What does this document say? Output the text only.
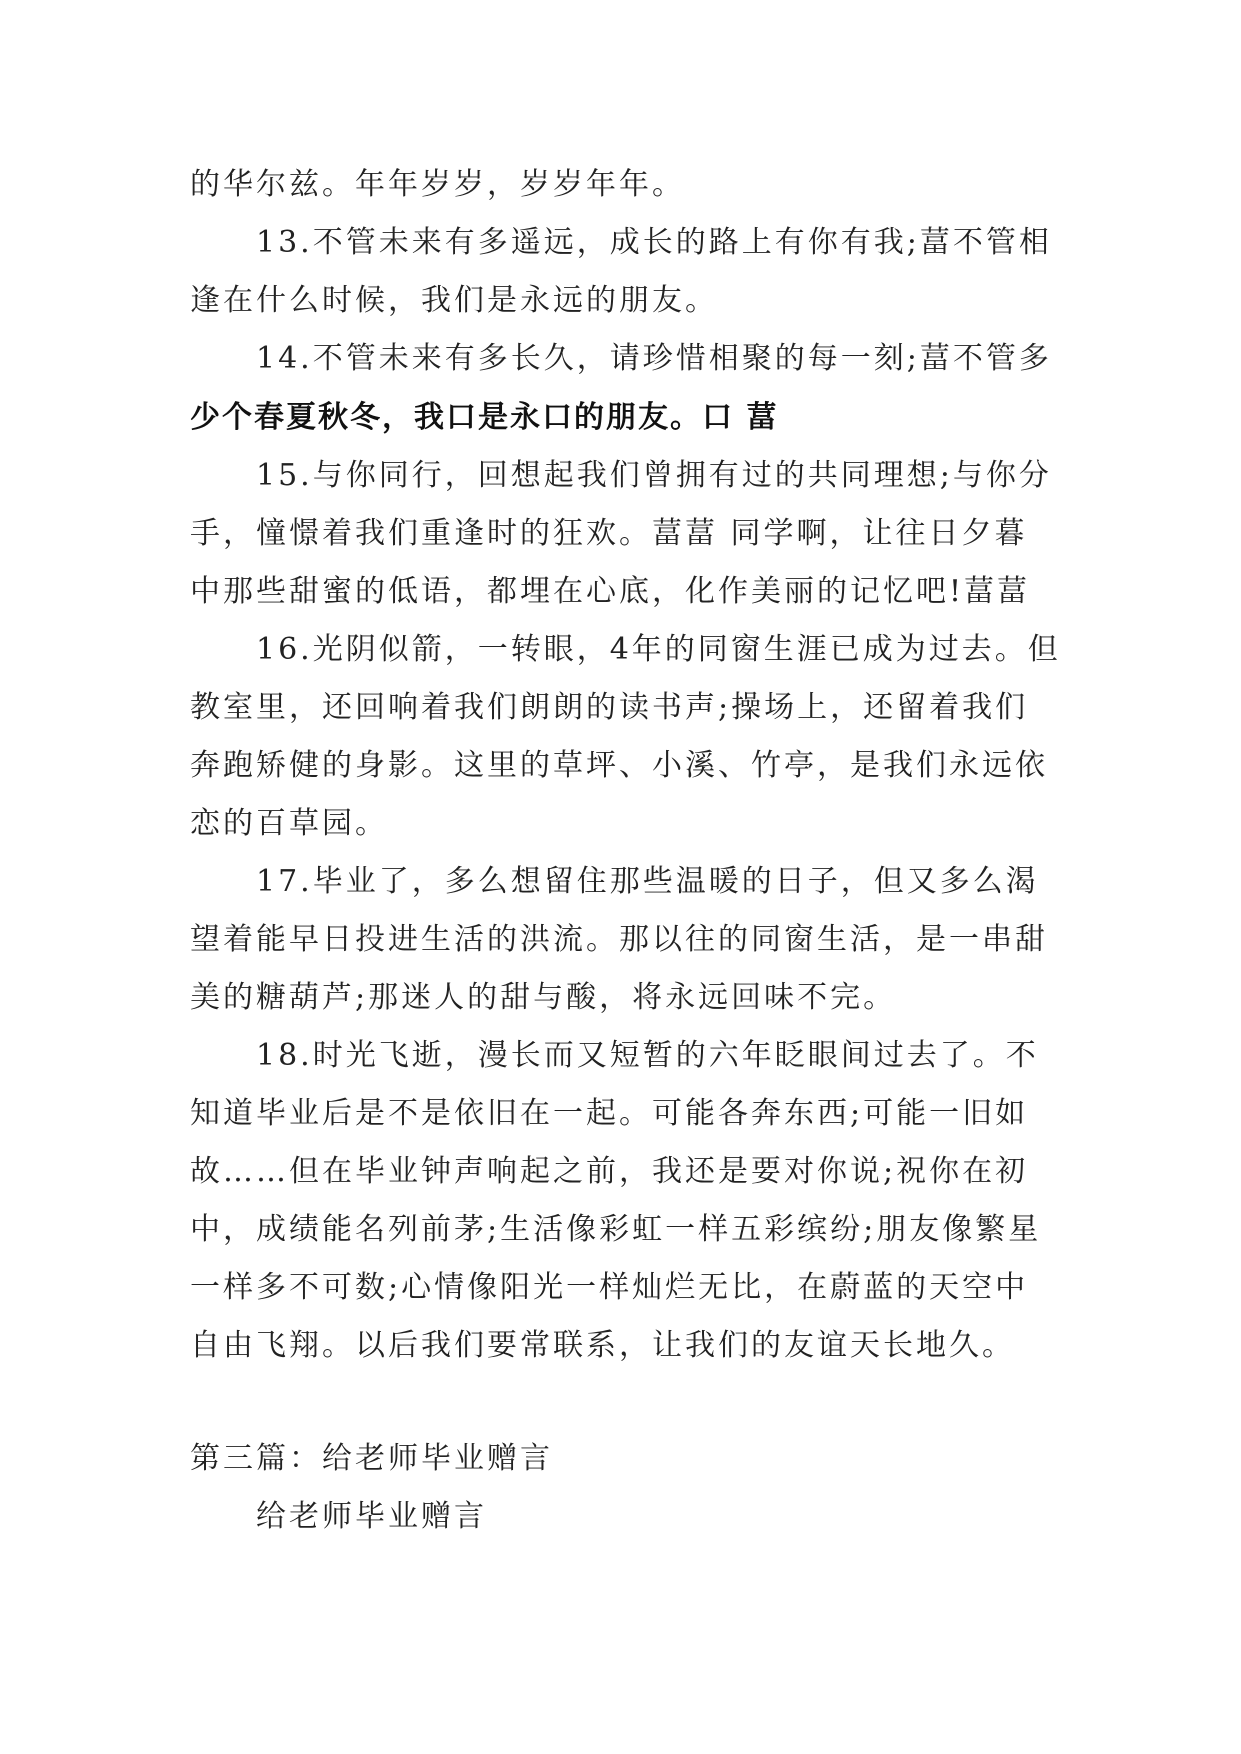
的华尔兹。年年岁岁，岁岁年年。
13.不管未来有多遥远，成长的路上有你有我;葍不管相
逢在什么时候，我们是永远的朋友。
14.不管未来有多长久，请珍惜相聚的每一刻;葍不管多
少个春夏秋冬，我口是永口的朋友。口 葍
15.与你同行，回想起我们曾拥有过的共同理想;与你分
手，憧憬着我们重逢时的狂欢。葍葍 同学啊，让往日夕暮
中那些甜蜜的低语，都埋在心底，化作美丽的记忆吧!葍葍
16.光阴似箭，一转眼，4年的同窗生涯已成为过去。但
教室里，还回响着我们朗朗的读书声;操场上，还留着我们
奔跑矫健的身影。这里的草坪、小溪、竹亭，是我们永远依
恋的百草园。
17.毕业了，多么想留住那些温暖的日子，但又多么渴
望着能早日投进生活的洪流。那以往的同窗生活，是一串甜
美的糖葫芦;那迷人的甜与酸，将永远回味不完。
18.时光飞逝，漫长而又短暂的六年眨眼间过去了。不
知道毕业后是不是依旧在一起。可能各奔东西;可能一旧如
故……但在毕业钟声响起之前，我还是要对你说;祝你在初
中，成绩能名列前茅;生活像彩虹一样五彩缤纷;朋友像繁星
一样多不可数;心情像阳光一样灿烂无比，在蔚蓝的天空中
自由飞翔。以后我们要常联系，让我们的友谊天长地久。
第三篇：给老师毕业赠言
给老师毕业赠言
